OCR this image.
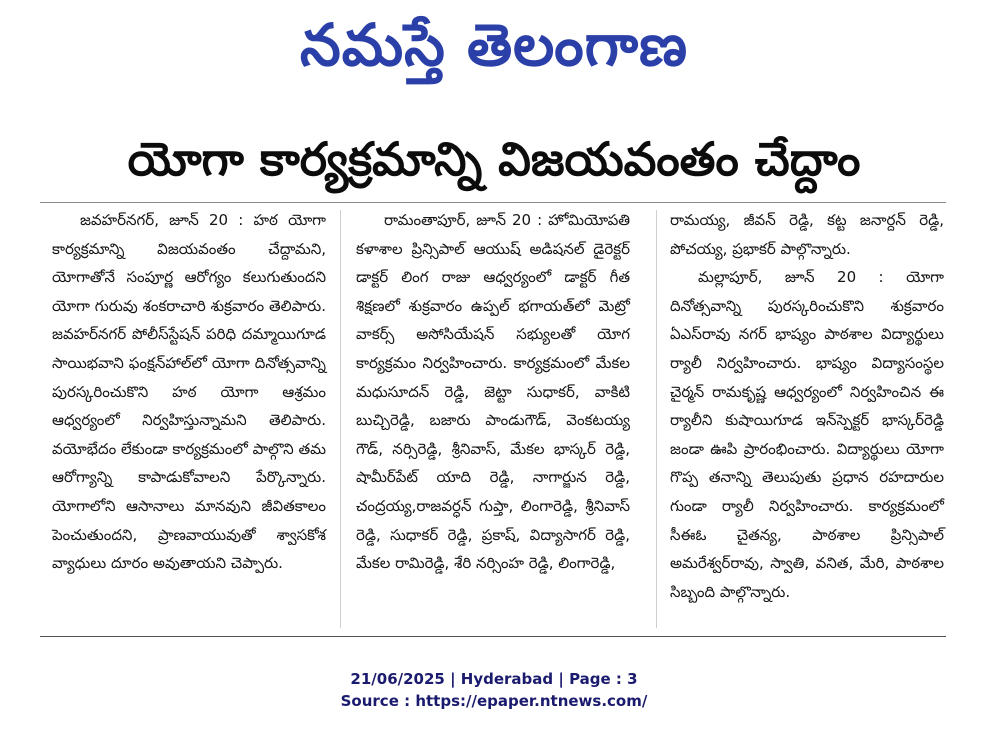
నమస్తే తెలంగాణ
యోగా కార్యక్రమాన్ని విజయవంతం చేద్దాం

జవహర్‌నగర్, జూన్ 20 : హఠ యోగా కార్యక్రమాన్ని విజయవంతం చేద్దామని, యోగాతోనే సంపూర్ణ ఆరోగ్యం కలుగుతుందని యోగా గురువు శంకరాచారి శుక్రవారం తెలిపారు. జవహర్‌నగర్ పోలీస్‌స్టేషన్ పరిధి దమ్మాయిగూడ సాయిభవాని ఫంక్షన్‌హాల్‌లో యోగా దినోత్సవాన్ని పురస్కరించుకొని హఠ యోగా ఆశ్రమం ఆధ్వర్యంలో నిర్వహిస్తున్నామని తెలిపారు. వయోభేదం లేకుండా కార్యక్రమంలో పాల్గొని తమ ఆరోగ్యాన్ని కాపాడుకోవాలని పేర్కొన్నారు. యోగాలోని ఆసానాలు మానవుని జీవితకాలం పెంచుతుందని, ప్రాణవాయువుతో శ్వాసకోశ వ్యాధులు దూరం అవుతాయని చెప్పారు.

రామంతాపూర్, జూన్ 20 : హోమియోపతి కళాశాల ప్రిన్సిపాల్ ఆయుష్ అడిషనల్ డైరెక్టర్ డాక్టర్ లింగ రాజు ఆధ్వర్యంలో డాక్టర్ గీత శిక్షణలో శుక్రవారం ఉప్పల్ భగాయత్‌లో మెట్రో వాకర్స్ అసోసియేషన్ సభ్యులతో యోగ కార్యక్రమం నిర్వహించారు. కార్యక్రమంలో మేకల మధుసూదన్ రెడ్డి, జెట్టా సుధాకర్, వాకిటి బుచ్చిరెడ్డి, బజారు పాండుగౌడ్, వెంకటయ్య గౌడ్, నర్సిరెడ్డి, శ్రీనివాస్, మేకల భాస్కర్ రెడ్డి, షామీర్‌పేట్ యాది రెడ్డి, నాగార్జున రెడ్డి, చంద్రయ్య,రాజవర్ధన్ గుప్తా, లింగారెడ్డి, శ్రీనివాస్ రెడ్డి, సుధాకర్ రెడ్డి, ప్రకాష్, విద్యాసాగర్ రెడ్డి, మేకల రామిరెడ్డి, శేరి నర్సింహ రెడ్డి, లింగారెడ్డి,

రామయ్య, జీవన్ రెడ్డి, కట్ట జనార్దన్ రెడ్డి, పోచయ్య, ప్రభాకర్ పాల్గొన్నారు.

మల్లాపూర్, జూన్ 20 : యోగా దినోత్సవాన్ని పురస్కరించుకొని శుక్రవారం ఏఎస్‌రావు నగర్ భాష్యం పాఠశాల విద్యార్థులు ర్యాలీ నిర్వహించారు. భాష్యం విద్యాసంస్థల చైర్మన్ రామకృష్ణ ఆధ్వర్యంలో నిర్వహించిన ఈ ర్యాలీని కుషాయిగూడ ఇన్‌స్పెక్టర్ భాస్కర్‌రెడ్డి జండా ఊపి ప్రారంభించారు. విద్యార్థులు యోగా గొప్ప తనాన్ని తెలుపుతు ప్రధాన రహదారుల గుండా ర్యాలీ నిర్వహించారు. కార్యక్రమంలో సీఈఓ చైతన్య, పాఠశాల ప్రిన్సిపాల్ అమరేశ్వర్‌రావు, స్వాతి, వనిత, మేరి, పాఠశాల సిబ్బంది పాల్గొన్నారు.

21/06/2025 | Hyderabad | Page : 3
Source : https://epaper.ntnews.com/
